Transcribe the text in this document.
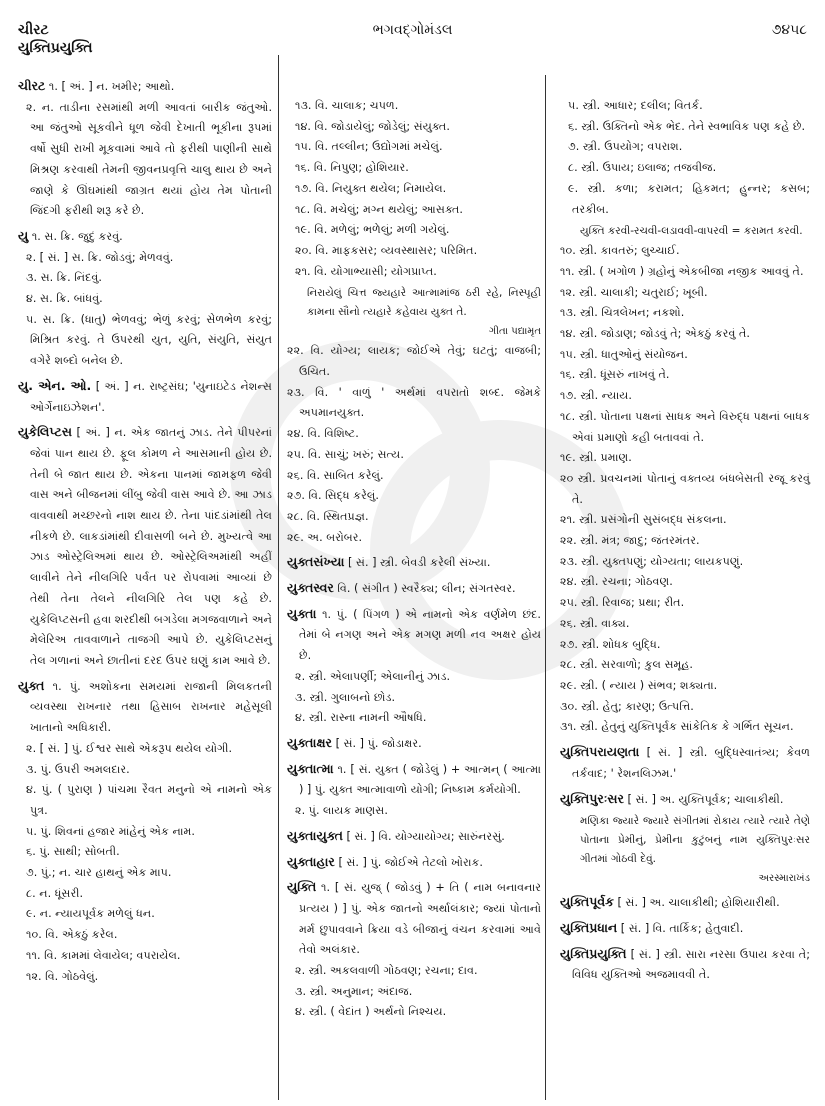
ચીરટ	ભગવદ્ગોમંડલ	૭૪૫૮
યુક્તિપ્રયુક્તિ

ચીરટ ૧. [ અં. ] ન. ખમીર; આથો.

૨. ન. તાડીના રસમાંથી મળી આવતાં બારીક જંતુઓ. આ જંતુઓ સૂકવીને ધૂળ જેવી દેખાતી ભૂકીના રૂપમાં વર્ષો સુધી રાખી મૂકવામાં આવે તો ફરીથી પાણીની સાથે મિશ્રણ કરવાથી તેમની જીવનપ્રવૃત્તિ ચાલુ થાય છે અને જાણે કે ઊંઘમાંથી જાગ્રત થયાં હોય તેમ પોતાની જિંદગી ફરીથી શરૂ કરે છે.

યુ ૧. સ. ક્રિ. જુદું કરવું.

૨. [ સં. ] સ. ક્રિ. જોડવું; મેળવવું.

૩. સ. ક્રિ. નિંદવું.

૪. સ. ક્રિ. બાંધવું.

૫. સ. ક્રિ. (ધાતુ) ભેળવવું; ભેળું કરવું; સેળભેળ કરવું; મિશ્રિત કરવું. તે ઉપરથી યુત, યુતિ, સંયુતિ, સંયુત વગેરે શબ્દો બનેલ છે.

યુ. એન. ઓ. [ અં. ] ન. રાષ્ટ્રસંઘ; 'યુનાઇટેડ નેશન્સ ઓર્ગેનાઇઝેશન'.

યુકેલિપ્ટસ [ અં. ] ન. એક જાતનું ઝાડ. તેને પીપરનાં જેવાં પાન થાય છે. ફૂલ કોમળ ને આસમાની હોય છે. તેની બે જાત થાય છે. એકના પાનમાં જામફળ જેવી વાસ અને બીજનમાં લીંબુ જેવી વાસ આવે છે. આ ઝાડ વાવવાથી મચ્છરનો નાશ થાય છે. તેના પાંદડાંમાંથી તેલ નીકળે છે. લાકડાંમાંથી દીવાસળી બને છે. મુખ્યત્વે આ ઝાડ ઓસ્ટ્રેલિઅમાં થાય છે. ઓસ્ટ્રેલિઅમાંથી અહીં લાવીને તેને નીલગિરિ પર્વત પર રોપવામાં આવ્યાં છે તેથી તેના તેલને નીલગિરિ તેલ પણ કહે છે. યુકેલિપ્ટસની હવા શરદીથી બગડેલા મગજવાળાને અને મેલેરિઅ તાવવાળાને તાજગી આપે છે. યુકેલિપ્ટસનું તેલ ગળાનાં અને છાતીનાં દરદ ઉપર ઘણું કામ આવે છે.

યુક્ત ૧. પું. અશોકના સમયમાં રાજાની મિલકતની વ્યવસ્થા રાખનાર તથા હિસાબ રાખનાર મહેસૂલી ખાતાનો અધિકારી.

૨. [ સં. ] પું. ઈશ્વર સાથે એકરૂપ થયેલ યોગી.

૩. પું. ઉપરી અમલદાર.

૪. પું. ( પુરાણ ) પાંચમા રૈવત મનુનો એ નામનો એક પુત્ર.

૫. પું. શિવનાં હજાર માંહેનું એક નામ.

૬. પું. સાથી; સોબતી.

૭. પું.; ન. ચાર હાથનું એક માપ.

૮. ન. ધૂંસરી.

૯. ન. ન્યાયપૂર્વક મળેલું ધન.

૧૦. વિ. એકઠું કરેલ.

૧૧. વિ. કામમાં લેવાયેલ; વપરાયેલ.

૧૨. વિ. ગોઠવેલું.

૧૩. વિ. ચાલાક; ચપળ.

૧૪. વિ. જોડાયેલું; જોડેલું; સંયુક્ત.

૧૫. વિ. તલ્લીન; ઉદ્યોગમાં મચેલું.

૧૬. વિ. નિપુણ; હોશિયાર.

૧૭. વિ. નિયુક્ત થયેલ; નિમાયેલ.

૧૮. વિ. મચેલું; મગ્ન થયેલું; આસક્ત.

૧૯. વિ. મળેલું; ભળેલું; મળી ગયેલું.

૨૦. વિ. માફકસર; વ્યવસ્થાસર; પરિમિત.

૨૧. વિ. યોગાભ્યાસી; યોગપ્રાપ્ત.

નિરાયેલું ચિત્ત જ્યહારે આત્મામાંજ ઠરી રહે, નિસ્પૃહી કામના સૌનો ત્યહારે કહેવાય યુક્ત તે.
ગીતા પદ્યામૃત

૨૨. વિ. યોગ્ય; લાયક; જોઈએ તેવું; ઘટતું; વાજબી; ઉચિત.

૨૩. વિ. ' વાળું ' અર્થમાં વપરાતો શબ્દ. જેમકે અપમાનયુક્ત.

૨૪. વિ. વિશિષ્ટ.

૨૫. વિ. સાચું; ખરું; સત્ય.

૨૬. વિ. સાબિત કરેલું.

૨૭. વિ. સિદ્ધ કરેલું.

૨૮. વિ. સ્થિતપ્રજ્ઞ.

૨૯. અ. બરોબર.

યુક્તસંખ્યા [ સં. ] સ્ત્રી. બેવડી કરેલી સંખ્યા.

યુક્તસ્વર વિ. ( સંગીત ) સ્વરૈક્ય; લીન; સંગતસ્વર.

યુક્તા ૧. પું. ( પિંગળ ) એ નામનો એક વર્ણમેળ છંદ. તેમાં બે નગણ અને એક મગણ મળી નવ અક્ષર હોય છે.

૨. સ્ત્રી. એલાપર્ણી; એલાનીનું ઝાડ.

૩. સ્ત્રી. ગુલાબનો છોડ.

૪. સ્ત્રી. રાસ્ના નામની ઔષધિ.

યુક્તાક્ષર [ સં. ] પું. જોડાક્ષર.

યુક્તાત્મા ૧. [ સં. યુક્ત ( જોડેલું ) + આત્મન્ ( આત્મા ) ] પું. યુક્ત આત્માવાળો યોગી; નિષ્કામ કર્મયોગી.

૨. પું. લાયક માણસ.

યુક્તાયુક્ત [ સં. ] વિ. યોગ્યાયોગ્ય; સારુંનરસું.

યુક્તાહાર [ સં. ] પું. જોઈએ તેટલો ખોરાક.

યુક્તિ ૧. [ સં. યુજ્ ( જોડવું ) + તિ ( નામ બનાવનાર પ્રત્યય ) ] પું. એક જાતનો અર્થાલંકાર; જ્યાં પોતાનો મર્મ છુપાવવાને ક્રિયા વડે બીજાનું વંચન કરવામાં આવે તેવો અલંકાર.

૨. સ્ત્રી. અકલવાળી ગોઠવણ; રચના; દાવ.

૩. સ્ત્રી. અનુમાન; અંદાજ.

૪. સ્ત્રી. ( વેદાંત ) અર્થનો નિશ્ચય.

૫. સ્ત્રી. આધાર; દલીલ; વિતર્ક.

૬. સ્ત્રી. ઉક્તિનો એક ભેદ. તેને સ્વભાવિક પણ કહે છે.

૭. સ્ત્રી. ઉપયોગ; વપરાશ.

૮. સ્ત્રી. ઉપાય; ઇલાજ; તજવીજ.

૯. સ્ત્રી. કળા; કરામત; હિકમત; હુન્નર; કસબ; તરકીબ.

યુક્તિ કરવી-રચવી-લડાવવી-વાપરવી = કરામત કરવી.

૧૦. સ્ત્રી. કાવતરું; લુચ્ચાઈ.

૧૧. સ્ત્રી. ( ખગોળ ) ગ્રહોનું એકબીજા નજીક આવવું તે.

૧૨. સ્ત્રી. ચાલાકી; ચતુરાઈ; ખૂબી.

૧૩. સ્ત્રી. ચિત્રલેખન; નકશો.

૧૪. સ્ત્રી. જોડાણ; જોડવું તે; એકઠું કરવું તે.

૧૫. સ્ત્રી. ધાતુઓનું સંયોજન.

૧૬. સ્ત્રી. ધૂંસરું નાખવું તે.

૧૭. સ્ત્રી. ન્યાય.

૧૮. સ્ત્રી. પોતાના પક્ષનાં સાધક અને વિરુદ્ધ પક્ષનાં બાધક એવાં પ્રમાણો કહી બતાવવાં તે.

૧૯. સ્ત્રી. પ્રમાણ.

૨૦ સ્ત્રી. પ્રવચનમાં પોતાનું વક્તવ્ય બંધબેસતી રજૂ કરવું તે.

૨૧. સ્ત્રી. પ્રસંગોની સુસંબદ્ધ સંકલના.

૨૨. સ્ત્રી. મંત્ર; જાદુ; જંતરમંતર.

૨૩. સ્ત્રી. યુક્તપણું; યોગ્યતા; લાયકપણું.

૨૪. સ્ત્રી. રચના; ગોઠવણ.

૨૫. સ્ત્રી. રિવાજ; પ્રથા; રીત.

૨૬. સ્ત્રી. વાક્ય.

૨૭. સ્ત્રી. શોધક બુદ્ધિ.

૨૮. સ્ત્રી. સરવાળો; કુલ સમૂહ.

૨૯. સ્ત્રી. ( ન્યાય ) સંભવ; શક્યતા.

૩૦. સ્ત્રી. હેતુ; કારણ; ઉત્પત્તિ.

૩૧. સ્ત્રી. હેતુનું યુક્તિપૂર્વક સાંકેતિક કે ગર્ભિત સૂચન.

યુક્તિપરાયણતા [ સં. ] સ્ત્રી. બુદ્ધિસ્વાતંત્ર્ય; કેવળ તર્કવાદ; ' રેશનલિઝમ.'

યુક્તિપુરઃસર [ સં. ] અ. યુક્તિપૂર્વક; ચાલાકીથી.

મણિકા જ્યારે જ્યારે સંગીતમાં રોકાય ત્યારે ત્યારે તેણે પોતાના પ્રેમીનું, પ્રેમીના કુટુંબનું નામ યુક્તિપુરઃસર ગીતમાં ગોઠવી દેવું.
અરસ્મારાખંડ

યુક્તિપૂર્વક [ સં. ] અ. ચાલાકીથી; હોશિયારીથી.

યુક્તિપ્રધાન [ સં. ] વિ. તાર્કિક; હેતુવાદી.

યુક્તિપ્રયુક્તિ [ સં. ] સ્ત્રી. સારા નરસા ઉપાય કરવા તે; વિવિધ યુક્તિઓ અજમાવવી તે.
